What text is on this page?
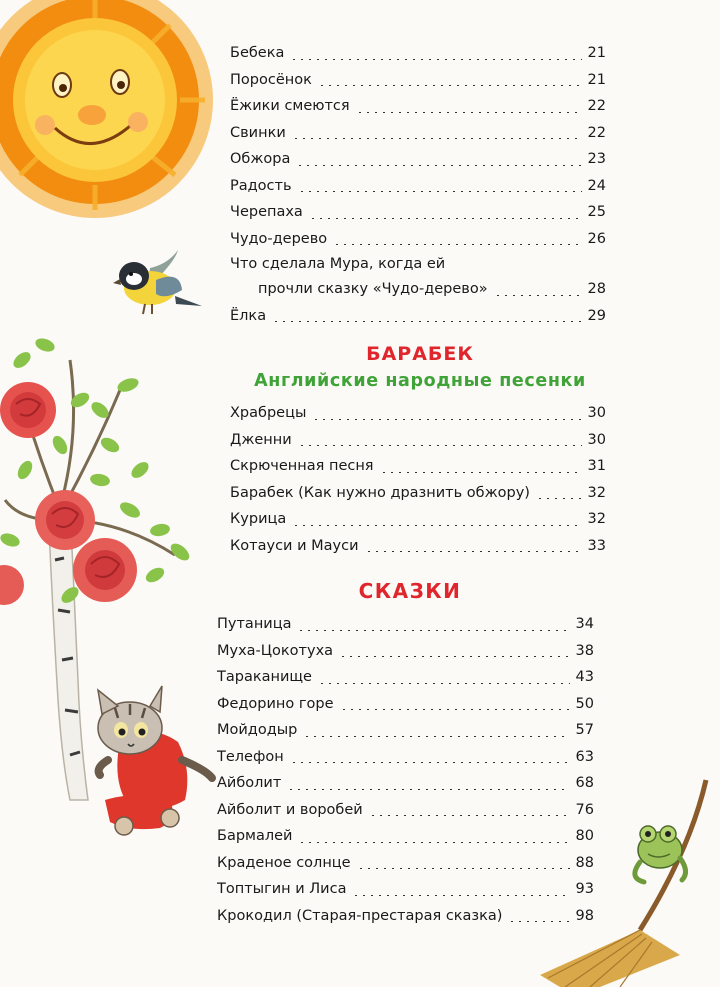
Бебека	21
Поросёнок	21
Ёжики смеются	22
Свинки	22
Обжора	23
Радость	24
Черепаха	25
Чудо-дерево	26
Что сделала Мура, когда ей
прочли сказку «Чудо-дерево»	28
Ёлка	29
БАРАБЕК
Английские народные песенки
Храбрецы	30
Дженни	30
Скрюченная песня	31
Барабек (Как нужно дразнить обжору)	32
Курица	32
Котауси и Мауси	33
СКАЗКИ
Путаница	34
Муха-Цокотуха	38
Тараканище	43
Федорино горе	50
Мойдодыр	57
Телефон	63
Айболит	68
Айболит и воробей	76
Бармалей	80
Краденое солнце	88
Топтыгин и Лиса	93
Крокодил (Старая-престарая сказка)	98
